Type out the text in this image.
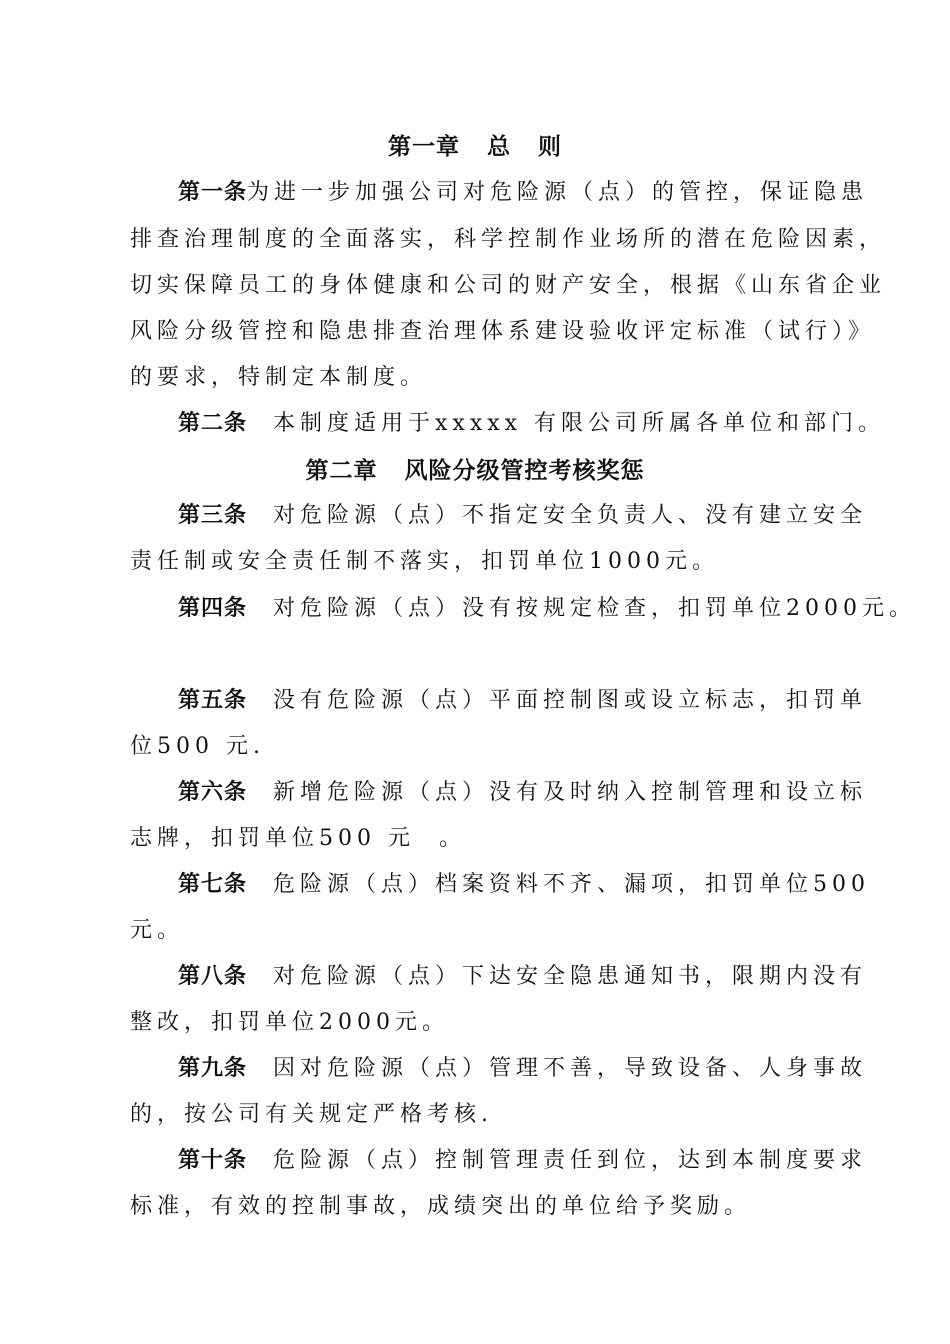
第一章   总   则
第一条为进一步加强公司对危险源（点）的管控，保证隐患
排查治理制度的全面落实，科学控制作业场所的潜在危险因素，
切实保障员工的身体健康和公司的财产安全，根据《山东省企业
风险分级管控和隐患排查治理体系建设验收评定标准（试行）》
的要求，特制定本制度。
第二条 本制度适用于xxxxx 有限公司所属各单位和部门。
第二章   风险分级管控考核奖惩
第三条 对危险源（点）不指定安全负责人、没有建立安全
责任制或安全责任制不落实，扣罚单位1000元。
第四条 对危险源（点）没有按规定检查，扣罚单位2000元。
第五条 没有危险源（点）平面控制图或设立标志，扣罚单
位500 元.
第六条 新增危险源（点）没有及时纳入控制管理和设立标
志牌，扣罚单位500 元  。
第七条 危险源（点）档案资料不齐、漏项，扣罚单位500
元。
第八条 对危险源（点）下达安全隐患通知书，限期内没有
整改，扣罚单位2000元。
第九条 因对危险源（点）管理不善，导致设备、人身事故
的，按公司有关规定严格考核.
第十条 危险源（点）控制管理责任到位，达到本制度要求
标准，有效的控制事故，成绩突出的单位给予奖励。
